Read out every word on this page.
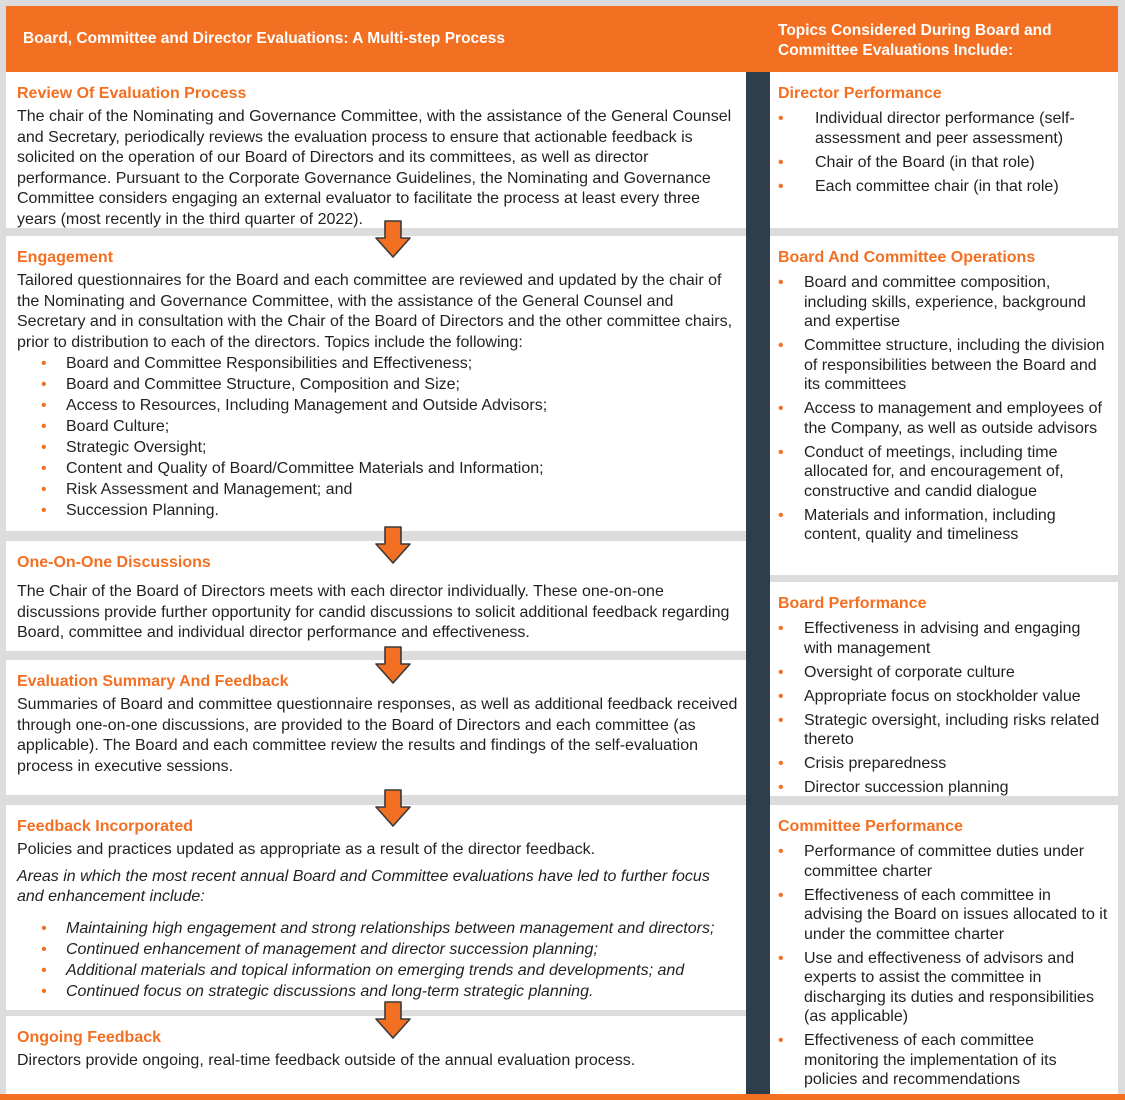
Board, Committee and Director Evaluations: A Multi-step Process	Topics Considered During Board and Committee Evaluations Include:
Review Of Evaluation Process
The chair of the Nominating and Governance Committee, with the assistance of the General Counsel and Secretary, periodically reviews the evaluation process to ensure that actionable feedback is solicited on the operation of our Board of Directors and its committees, as well as director performance. Pursuant to the Corporate Governance Guidelines, the Nominating and Governance Committee considers engaging an external evaluator to facilitate the process at least every three years (most recently in the third quarter of 2022).
Engagement
Tailored questionnaires for the Board and each committee are reviewed and updated by the chair of the Nominating and Governance Committee, with the assistance of the General Counsel and Secretary and in consultation with the Chair of the Board of Directors and the other committee chairs, prior to distribution to each of the directors. Topics include the following:
• Board and Committee Responsibilities and Effectiveness;
• Board and Committee Structure, Composition and Size;
• Access to Resources, Including Management and Outside Advisors;
• Board Culture;
• Strategic Oversight;
• Content and Quality of Board/Committee Materials and Information;
• Risk Assessment and Management; and
• Succession Planning.
One-On-One Discussions
The Chair of the Board of Directors meets with each director individually. These one-on-one discussions provide further opportunity for candid discussions to solicit additional feedback regarding Board, committee and individual director performance and effectiveness.
Evaluation Summary And Feedback
Summaries of Board and committee questionnaire responses, as well as additional feedback received through one-on-one discussions, are provided to the Board of Directors and each committee (as applicable). The Board and each committee review the results and findings of the self-evaluation process in executive sessions.
Feedback Incorporated
Policies and practices updated as appropriate as a result of the director feedback.
Areas in which the most recent annual Board and Committee evaluations have led to further focus and enhancement include:
• Maintaining high engagement and strong relationships between management and directors;
• Continued enhancement of management and director succession planning;
• Additional materials and topical information on emerging trends and developments; and
• Continued focus on strategic discussions and long-term strategic planning.
Ongoing Feedback
Directors provide ongoing, real-time feedback outside of the annual evaluation process.
Director Performance
• Individual director performance (self-assessment and peer assessment)
• Chair of the Board (in that role)
• Each committee chair (in that role)
Board And Committee Operations
• Board and committee composition, including skills, experience, background and expertise
• Committee structure, including the division of responsibilities between the Board and its committees
• Access to management and employees of the Company, as well as outside advisors
• Conduct of meetings, including time allocated for, and encouragement of, constructive and candid dialogue
• Materials and information, including content, quality and timeliness
Board Performance
• Effectiveness in advising and engaging with management
• Oversight of corporate culture
• Appropriate focus on stockholder value
• Strategic oversight, including risks related thereto
• Crisis preparedness
• Director succession planning
Committee Performance
• Performance of committee duties under committee charter
• Effectiveness of each committee in advising the Board on issues allocated to it under the committee charter
• Use and effectiveness of advisors and experts to assist the committee in discharging its duties and responsibilities (as applicable)
• Effectiveness of each committee monitoring the implementation of its policies and recommendations
